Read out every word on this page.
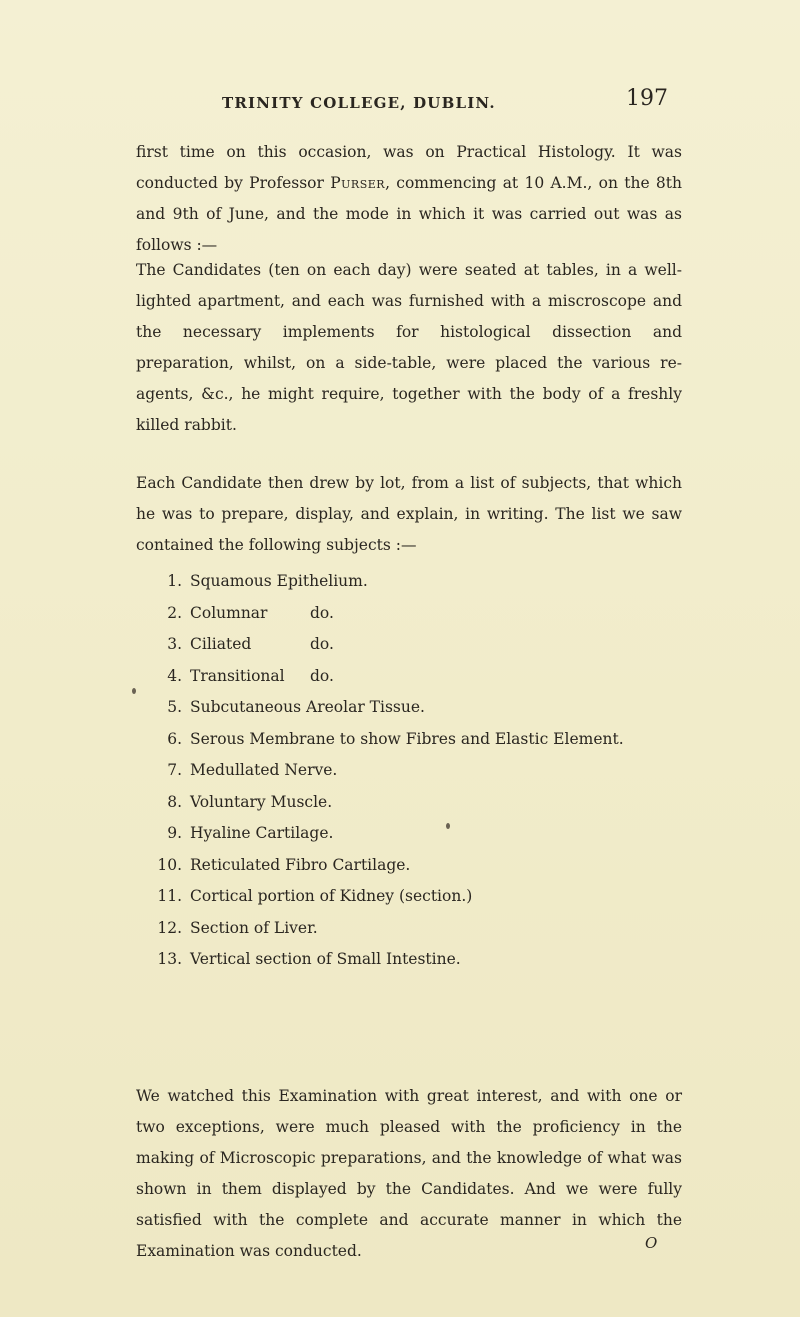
TRINITY COLLEGE, DUBLIN.	197

first time on this occasion, was on Practical Histology. It was conducted by Professor Purser, commencing at 10 A.M., on the 8th and 9th of June, and the mode in which it was carried out was as follows :—

The Candidates (ten on each day) were seated at tables, in a well-lighted apartment, and each was furnished with a miscroscope and the necessary implements for histological dissection and preparation, whilst, on a side-table, were placed the various re-agents, &c., he might require, together with the body of a freshly killed rabbit.

Each Candidate then drew by lot, from a list of subjects, that which he was to prepare, display, and explain, in writing. The list we saw contained the following subjects :—

1. Squamous Epithelium.
2. Columnar	do.
3. Ciliated	do.
4. Transitional do.
5. Subcutaneous Areolar Tissue.
6. Serous Membrane to show Fibres and Elastic Element.
7. Medullated Nerve.
8. Voluntary Muscle.
9. Hyaline Cartilage.
10. Reticulated Fibro Cartilage.
11. Cortical portion of Kidney (section.)
12. Section of Liver.
13. Vertical section of Small Intestine.

We watched this Examination with great interest, and with one or two exceptions, were much pleased with the proficiency in the making of Microscopic preparations, and the knowledge of what was shown in them displayed by the Candidates. And we were fully satisfied with the complete and accurate manner in which the Examination was conducted.	O
